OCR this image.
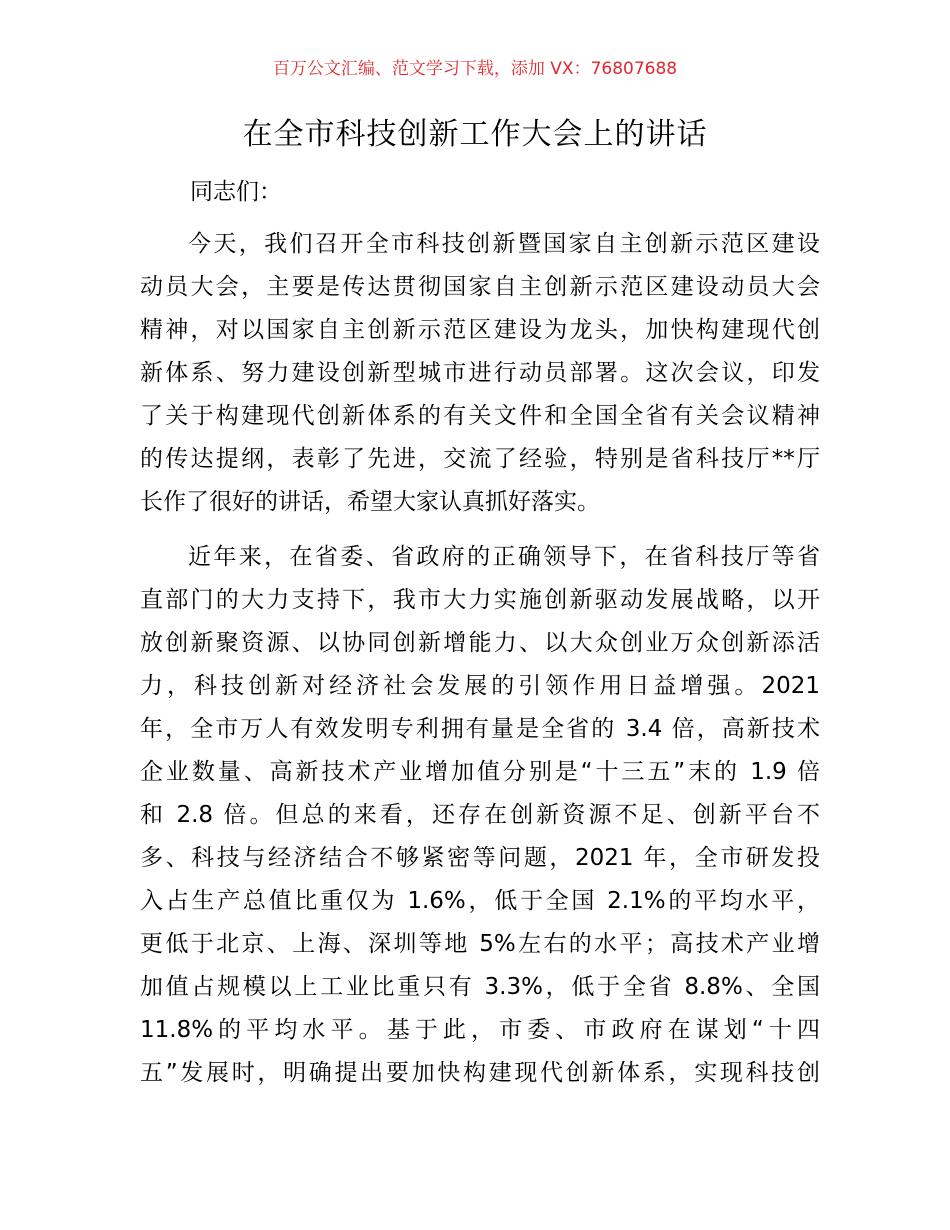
百万公文汇编、范文学习下载，添加 VX：76807688
在全市科技创新工作大会上的讲话
同志们：
今天，我们召开全市科技创新暨国家自主创新示范区建设
动员大会，主要是传达贯彻国家自主创新示范区建设动员大会
精神，对以国家自主创新示范区建设为龙头，加快构建现代创
新体系、努力建设创新型城市进行动员部署。这次会议，印发
了关于构建现代创新体系的有关文件和全国全省有关会议精神
的传达提纲，表彰了先进，交流了经验，特别是省科技厅**厅
长作了很好的讲话，希望大家认真抓好落实。
近年来，在省委、省政府的正确领导下，在省科技厅等省
直部门的大力支持下，我市大力实施创新驱动发展战略，以开
放创新聚资源、以协同创新增能力、以大众创业万众创新添活
力，科技创新对经济社会发展的引领作用日益增强。2021
年，全市万人有效发明专利拥有量是全省的 3.4 倍，高新技术
企业数量、高新技术产业增加值分别是“十三五”末的 1.9 倍
和 2.8 倍。但总的来看，还存在创新资源不足、创新平台不
多、科技与经济结合不够紧密等问题，2021 年，全市研发投
入占生产总值比重仅为 1.6%，低于全国 2.1%的平均水平，
更低于北京、上海、深圳等地 5%左右的水平；高技术产业增
加值占规模以上工业比重只有 3.3%，低于全省 8.8%、全国
11.8%的平均水平。基于此，市委、市政府在谋划“十四
五”发展时，明确提出要加快构建现代创新体系，实现科技创
